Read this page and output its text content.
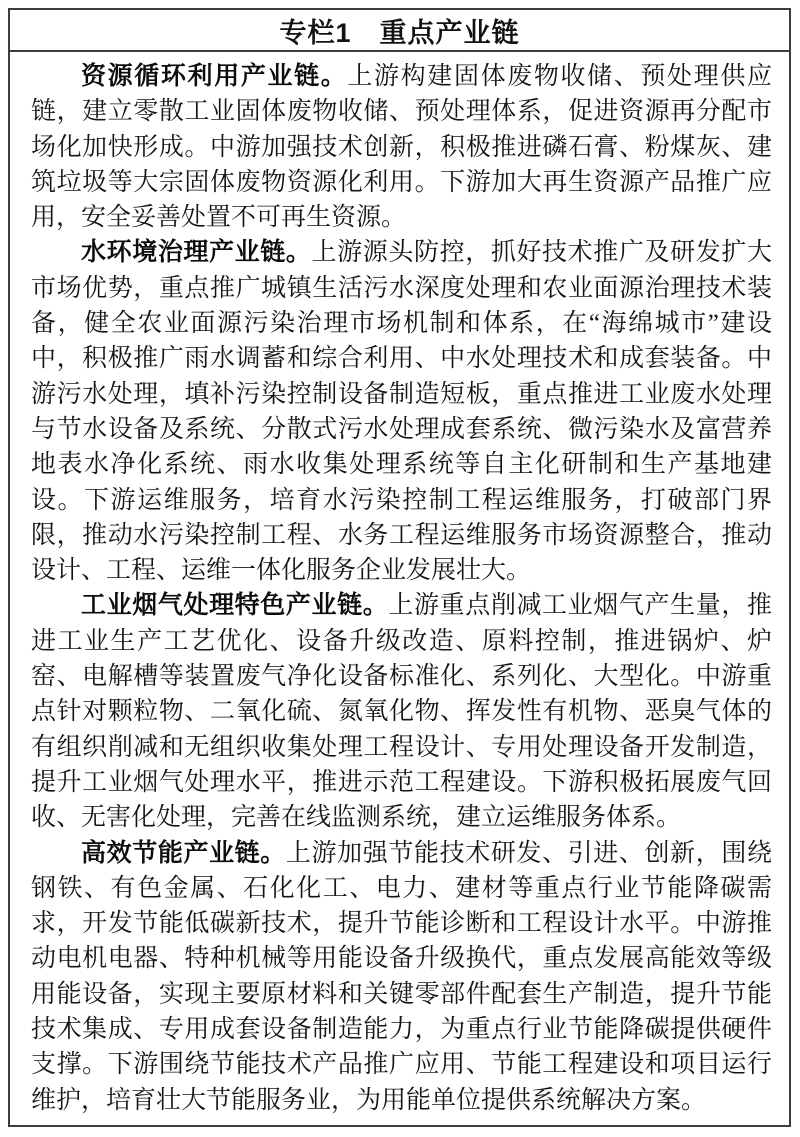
专栏1　重点产业链

资源循环利用产业链。上游构建固体废物收储、预处理供应链，建立零散工业固体废物收储、预处理体系，促进资源再分配市场化加快形成。中游加强技术创新，积极推进磷石膏、粉煤灰、建筑垃圾等大宗固体废物资源化利用。下游加大再生资源产品推广应用，安全妥善处置不可再生资源。

水环境治理产业链。上游源头防控，抓好技术推广及研发扩大市场优势，重点推广城镇生活污水深度处理和农业面源治理技术装备，健全农业面源污染治理市场机制和体系，在“海绵城市”建设中，积极推广雨水调蓄和综合利用、中水处理技术和成套装备。中游污水处理，填补污染控制设备制造短板，重点推进工业废水处理与节水设备及系统、分散式污水处理成套系统、微污染水及富营养地表水净化系统、雨水收集处理系统等自主化研制和生产基地建设。下游运维服务，培育水污染控制工程运维服务，打破部门界限，推动水污染控制工程、水务工程运维服务市场资源整合，推动设计、工程、运维一体化服务企业发展壮大。

工业烟气处理特色产业链。上游重点削减工业烟气产生量，推进工业生产工艺优化、设备升级改造、原料控制，推进锅炉、炉窑、电解槽等装置废气净化设备标准化、系列化、大型化。中游重点针对颗粒物、二氧化硫、氮氧化物、挥发性有机物、恶臭气体的有组织削减和无组织收集处理工程设计、专用处理设备开发制造，提升工业烟气处理水平，推进示范工程建设。下游积极拓展废气回收、无害化处理，完善在线监测系统，建立运维服务体系。

高效节能产业链。上游加强节能技术研发、引进、创新，围绕钢铁、有色金属、石化化工、电力、建材等重点行业节能降碳需求，开发节能低碳新技术，提升节能诊断和工程设计水平。中游推动电机电器、特种机械等用能设备升级换代，重点发展高能效等级用能设备，实现主要原材料和关键零部件配套生产制造，提升节能技术集成、专用成套设备制造能力，为重点行业节能降碳提供硬件支撑。下游围绕节能技术产品推广应用、节能工程建设和项目运行维护，培育壮大节能服务业，为用能单位提供系统解决方案。
